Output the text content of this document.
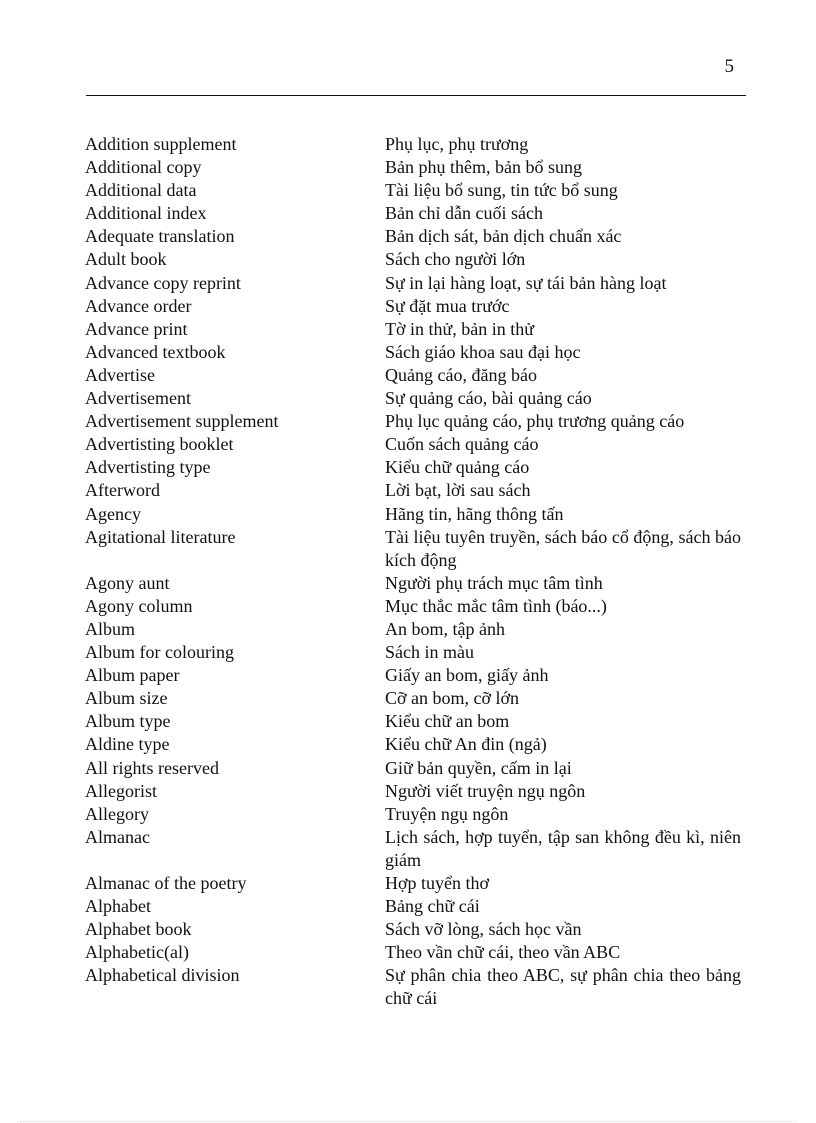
5
Addition supplement	Phụ lục, phụ trương
Additional copy	Bản phụ thêm, bản bổ sung
Additional data	Tài liệu bổ sung, tin tức bổ sung
Additional index	Bản chỉ dẫn cuối sách
Adequate translation	Bản dịch sát, bản dịch chuẩn xác
Adult book	Sách cho người lớn
Advance copy reprint	Sự in lại hàng loạt, sự tái bản hàng loạt
Advance order	Sự đặt mua trước
Advance print	Tờ in thử, bản in thử
Advanced textbook	Sách giáo khoa sau đại học
Advertise	Quảng cáo, đăng báo
Advertisement	Sự quảng cáo, bài quảng cáo
Advertisement supplement	Phụ lục quảng cáo, phụ trương quảng cáo
Advertisting booklet	Cuốn sách quảng cáo
Advertisting type	Kiểu chữ quảng cáo
Afterword	Lời bạt, lời sau sách
Agency	Hãng tin, hãng thông tấn
Agitational literature	Tài liệu tuyên truyền, sách báo cổ động, sách báo kích động
Agony aunt	Người phụ trách mục tâm tình
Agony column	Mục thắc mắc tâm tình (báo...)
Album	An bom, tập ảnh
Album for colouring	Sách in màu
Album paper	Giấy an bom, giấy ảnh
Album size	Cỡ an bom, cỡ lớn
Album type	Kiểu chữ an bom
Aldine type	Kiểu chữ An đin (ngả)
All rights reserved	Giữ bản quyền, cấm in lại
Allegorist	Người viết truyện ngụ ngôn
Allegory	Truyện ngụ ngôn
Almanac	Lịch sách, hợp tuyển, tập san không đều kì, niên giám
Almanac of the poetry	Hợp tuyển thơ
Alphabet	Bảng chữ cái
Alphabet book	Sách vỡ lòng, sách học vần
Alphabetic(al)	Theo vần chữ cái, theo vần ABC
Alphabetical division	Sự phân chia theo ABC, sự phân chia theo bảng chữ cái
